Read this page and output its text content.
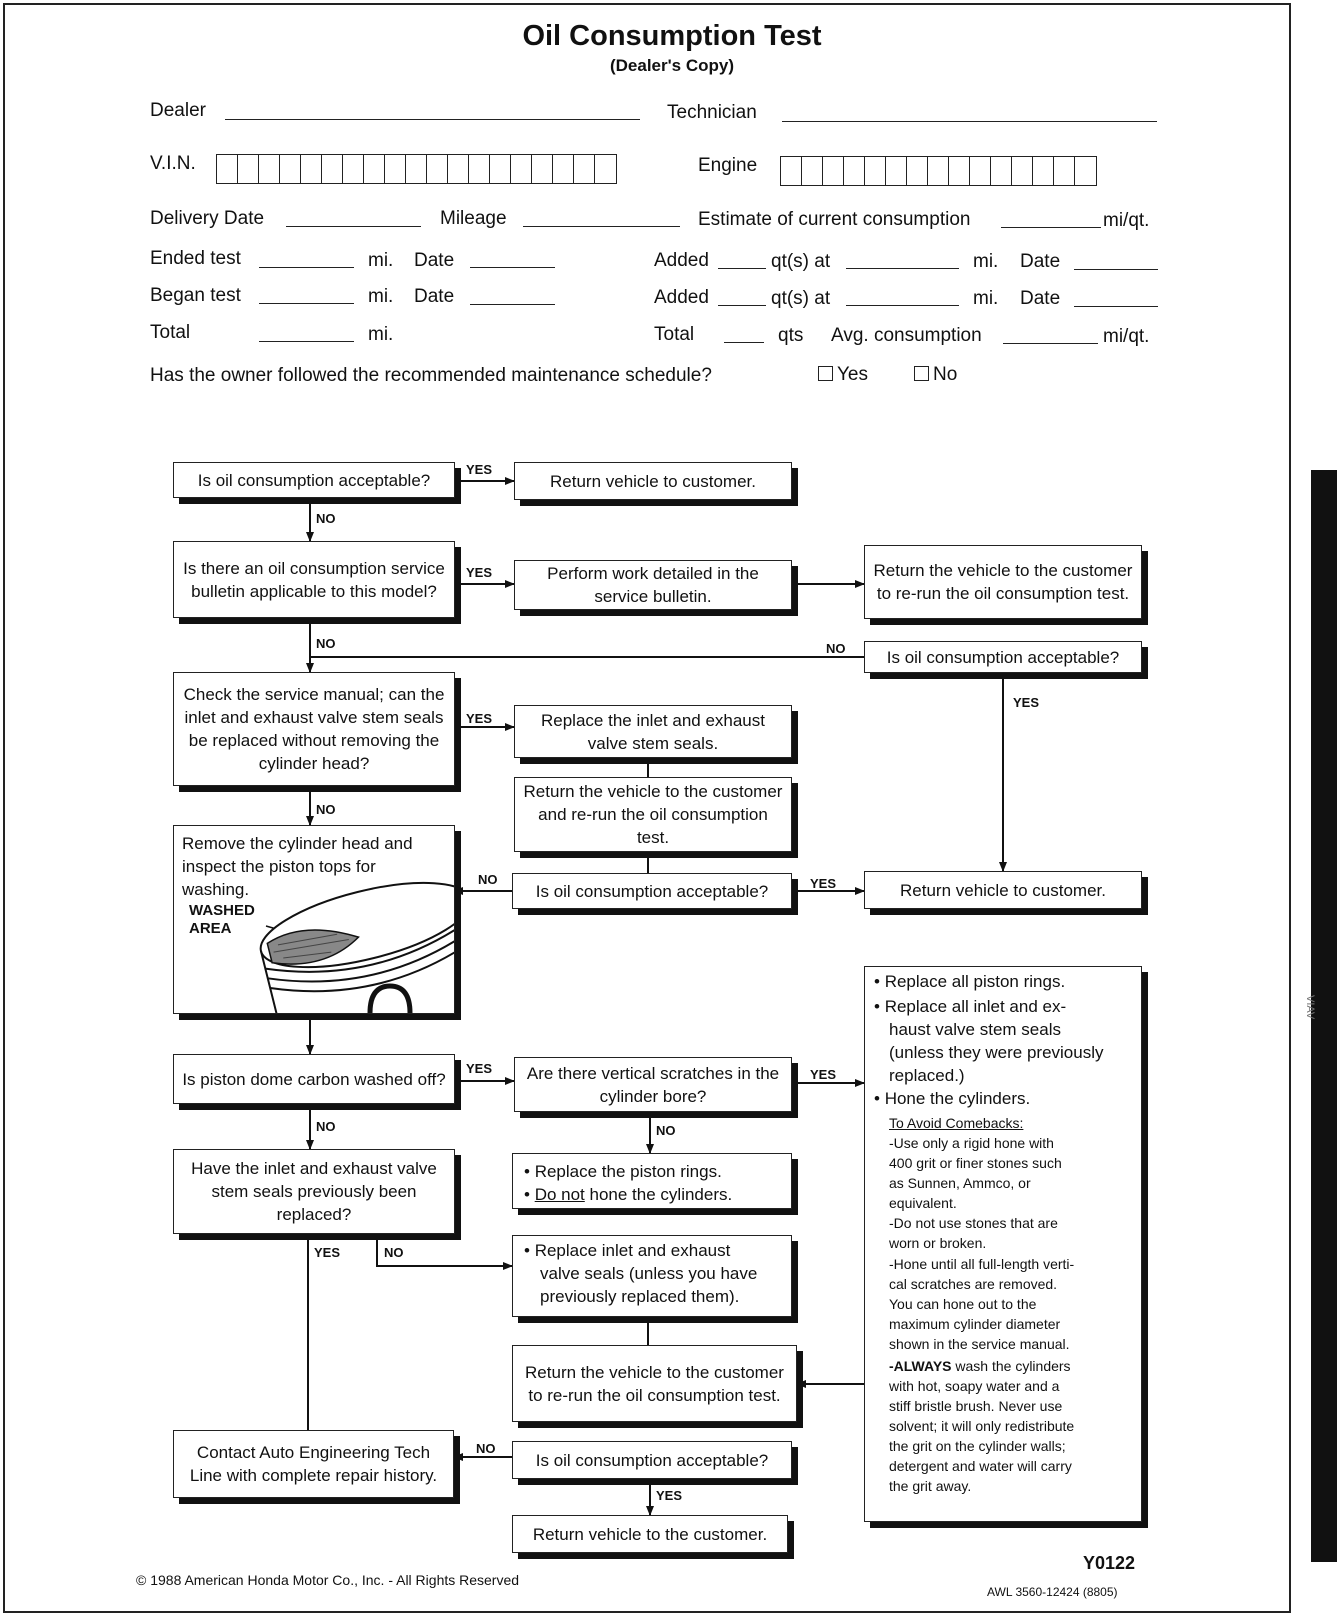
VIAV
Oil Consumption Test
(Dealer's Copy)
Dealer	Technician
V.I.N.	Engine
Delivery Date	Mileage	Estimate of current consumption	mi/qt.
Ended test	mi. Date	Added	qt(s) at	mi. Date
Began test	mi. Date	Added	qt(s) at	mi. Date
Total	mi.	Total	qts Avg. consumption	mi/qt.
Has the owner followed the recommended maintenance schedule?	Yes	No
YES
NO
YES
NO	NO
YES
YES
NO
NO	YES
YES	YES
NO	NO
YES	NO
NO
YES
Is oil consumption acceptable?	Return vehicle to customer.
Is there an oil consumption service bulletin applicable to this model?
Perform work detailed in the service bulletin.
Return the vehicle to the customer to re-run the oil consumption test.
Is oil consumption acceptable?
Check the service manual; can the inlet and exhaust valve stem seals be replaced without removing the cylinder head?
Replace the inlet and exhaust valve stem seals.
Return the vehicle to the customer and re-run the oil consumption test.
Remove the cylinder head and inspect the piston tops for washing.
WASHED AREA
Is oil consumption acceptable?	Return vehicle to customer.
Is piston dome carbon washed off?	Are there vertical scratches in the cylinder bore?
Have the inlet and exhaust valve stem seals previously been replaced?
• Replace the piston rings.
• Do not hone the cylinders.
• Replace inlet and exhaust
valve seals (unless you have
previously replaced them).
Return the vehicle to the customer to re-run the oil consumption test.
Contact Auto Engineering Tech Line with complete repair history.
Is oil consumption acceptable?
Return vehicle to the customer.
• Replace all piston rings.
• Replace all inlet and ex-
haust valve stem seals
(unless they were previously
replaced.)
• Hone the cylinders.
To Avoid Comebacks:
-Use only a rigid hone with
400 grit or finer stones such
as Sunnen, Ammco, or
equivalent.
-Do not use stones that are
worn or broken.
-Hone until all full-length verti-
cal scratches are removed.
You can hone out to the
maximum cylinder diameter
shown in the service manual.
-ALWAYS wash the cylinders
with hot, soapy water and a
stiff bristle brush. Never use
solvent; it will only redistribute
the grit on the cylinder walls;
detergent and water will carry
the grit away.
© 1988 American Honda Motor Co., Inc. - All Rights Reserved
Y0122
AWL 3560-12424 (8805)
